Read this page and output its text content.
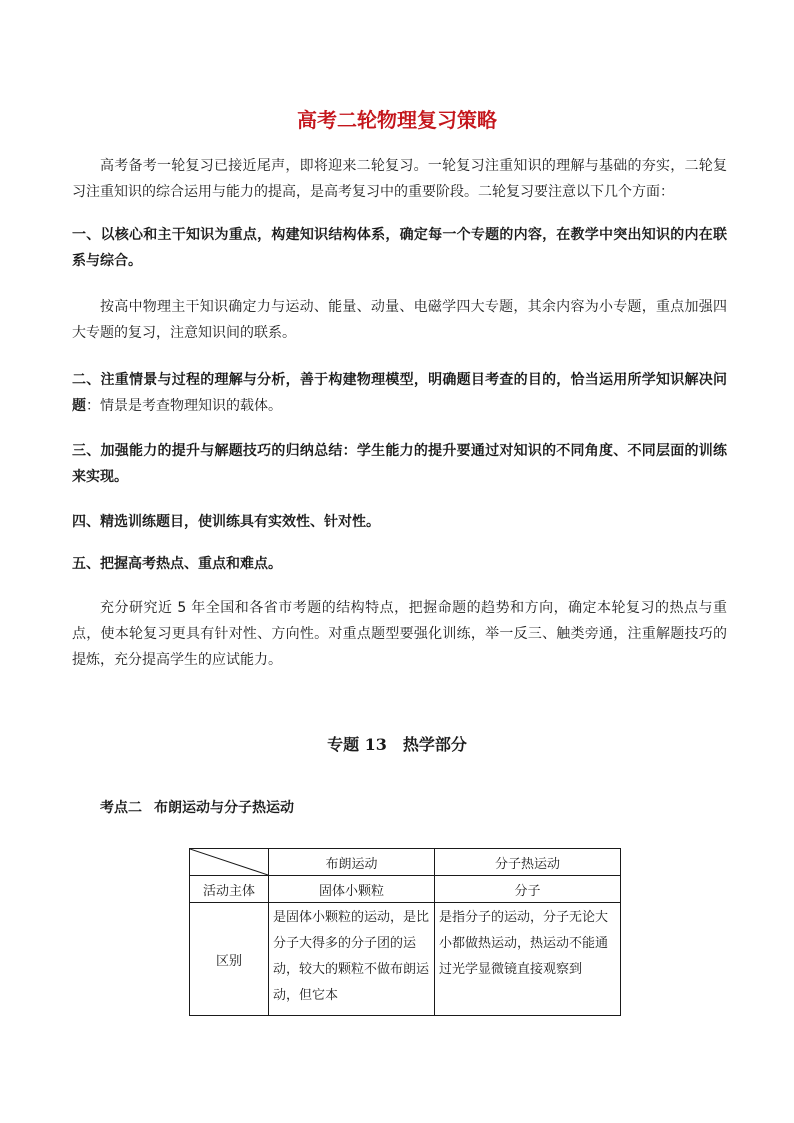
高考二轮物理复习策略
高考备考一轮复习已接近尾声，即将迎来二轮复习。一轮复习注重知识的理解与基础的夯实，二轮复习注重知识的综合运用与能力的提高，是高考复习中的重要阶段。二轮复习要注意以下几个方面：
一、以核心和主干知识为重点，构建知识结构体系，确定每一个专题的内容，在教学中突出知识的内在联系与综合。
按高中物理主干知识确定力与运动、能量、动量、电磁学四大专题，其余内容为小专题，重点加强四大专题的复习，注意知识间的联系。
二、注重情景与过程的理解与分析，善于构建物理模型，明确题目考查的目的，恰当运用所学知识解决问题：情景是考查物理知识的载体。
三、加强能力的提升与解题技巧的归纳总结：学生能力的提升要通过对知识的不同角度、不同层面的训练来实现。
四、精选训练题目，使训练具有实效性、针对性。
五、把握高考热点、重点和难点。
充分研究近 5 年全国和各省市考题的结构特点，把握命题的趋势和方向，确定本轮复习的热点与重点，使本轮复习更具有针对性、方向性。对重点题型要强化训练，举一反三、触类旁通，注重解题技巧的提炼，充分提高学生的应试能力。
专题 13　热学部分
考点二 布朗运动与分子热运动
	布朗运动	分子热运动
活动主体	固体小颗粒	分子
区别	是固体小颗粒的运动，是比分子大得多的分子团的运动，较大的颗粒不做布朗运动，但它本	是指分子的运动，分子无论大小都做热运动，热运动不能通过光学显微镜直接观察到
